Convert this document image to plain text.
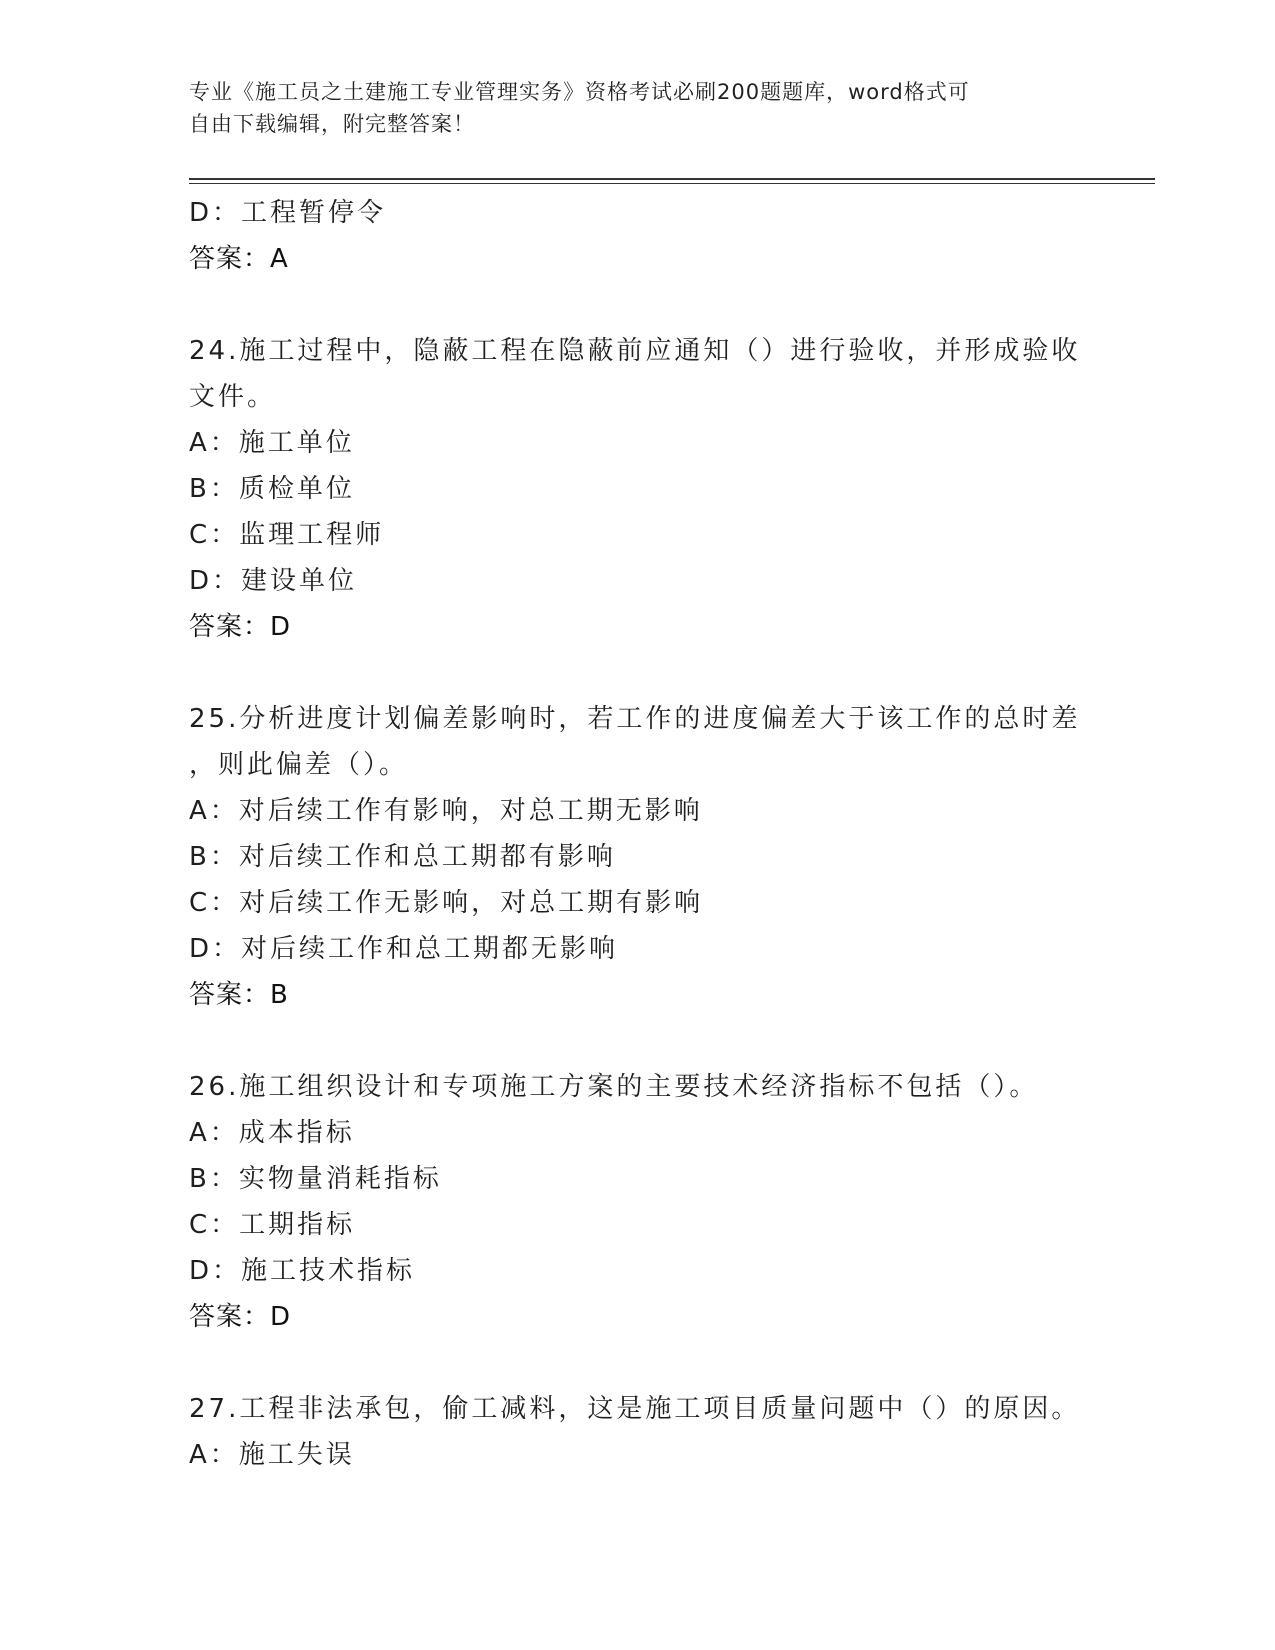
专业《施工员之土建施工专业管理实务》资格考试必刷200题题库，word格式可
自由下载编辑，附完整答案！
D：工程暂停令
答案：A
24.施工过程中，隐蔽工程在隐蔽前应通知（）进行验收，并形成验收
文件。
A：施工单位
B：质检单位
C：监理工程师
D：建设单位
答案：D
25.分析进度计划偏差影响时，若工作的进度偏差大于该工作的总时差
，则此偏差（）。
A：对后续工作有影响，对总工期无影响
B：对后续工作和总工期都有影响
C：对后续工作无影响，对总工期有影响
D：对后续工作和总工期都无影响
答案：B
26.施工组织设计和专项施工方案的主要技术经济指标不包括（）。
A：成本指标
B：实物量消耗指标
C：工期指标
D：施工技术指标
答案：D
27.工程非法承包，偷工减料，这是施工项目质量问题中（）的原因。
A：施工失误
